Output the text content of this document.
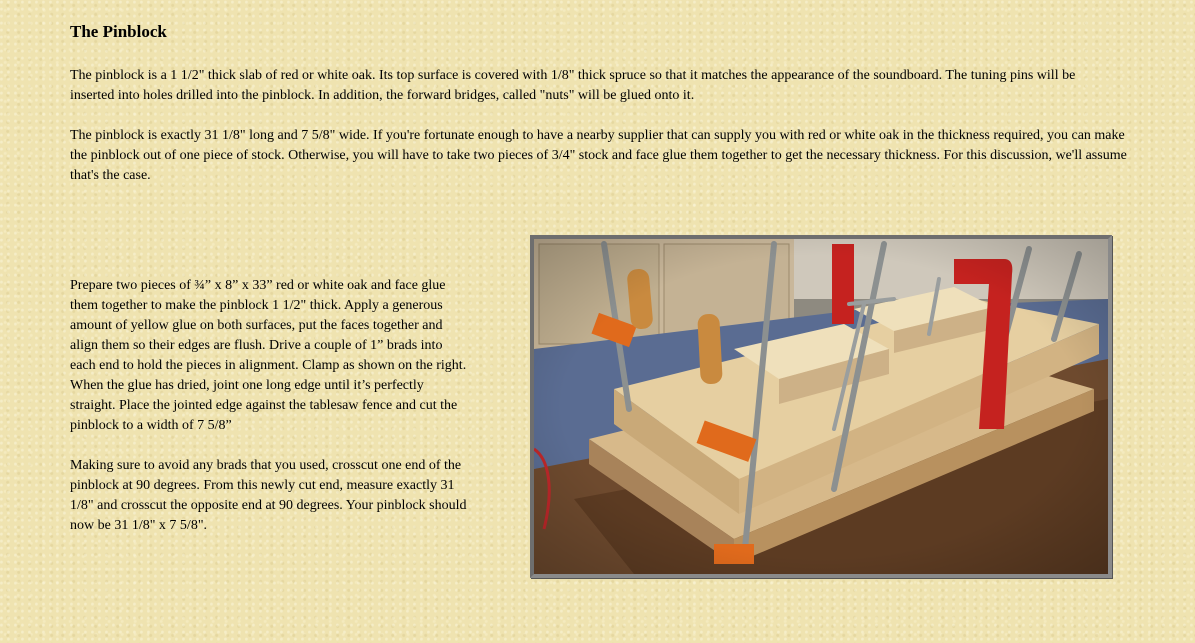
The Pinblock

The pinblock is a 1 1/2" thick slab of red or white oak. Its top surface is covered with 1/8" thick spruce so that it matches the appearance of the soundboard. The tuning pins will be inserted into holes drilled into the pinblock. In addition, the forward bridges, called "nuts" will be glued onto it.

The pinblock is exactly 31 1/8" long and 7 5/8" wide. If you're fortunate enough to have a nearby supplier that can supply you with red or white oak in the thickness required, you can make the pinblock out of one piece of stock. Otherwise, you will have to take two pieces of 3/4" stock and face glue them together to get the necessary thickness. For this discussion, we'll assume that's the case.

Prepare two pieces of ¾” x 8” x 33” red or white oak and face glue them together to make the pinblock 1 1/2" thick. Apply a generous amount of yellow glue on both surfaces, put the faces together and align them so their edges are flush. Drive a couple of 1” brads into each end to hold the pieces in alignment. Clamp as shown on the right. When the glue has dried, joint one long edge until it’s perfectly straight. Place the jointed edge against the tablesaw fence and cut the pinblock to a width of 7 5/8”

Making sure to avoid any brads that you used, crosscut one end of the pinblock at 90 degrees. From this newly cut end, measure exactly 31 1/8" and crosscut the opposite end at 90 degrees. Your pinblock should now be 31 1/8" x 7 5/8".
